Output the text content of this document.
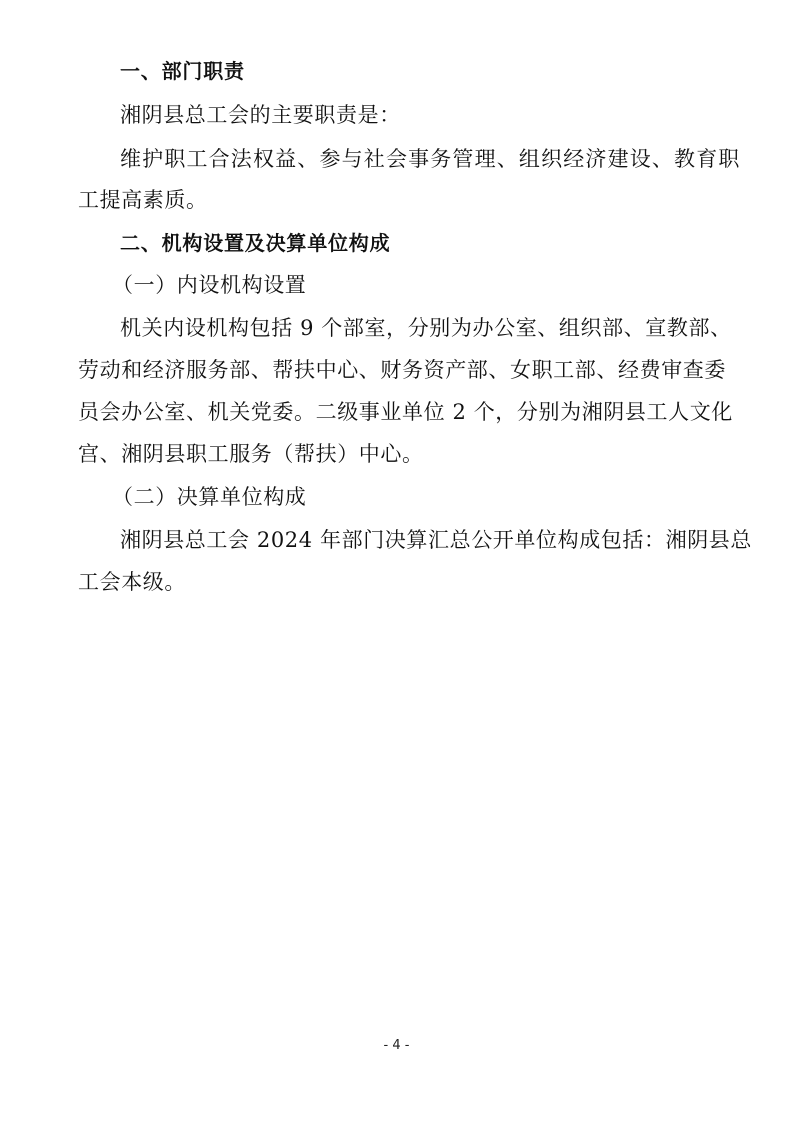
一、部门职责
湘阴县总工会的主要职责是：
维护职工合法权益、参与社会事务管理、组织经济建设、教育职
工提高素质。
二、机构设置及决算单位构成
（一）内设机构设置
机关内设机构包括 9 个部室，分别为办公室、组织部、宣教部、
劳动和经济服务部、帮扶中心、财务资产部、女职工部、经费审查委
员会办公室、机关党委。二级事业单位 2 个，分别为湘阴县工人文化
宫、湘阴县职工服务（帮扶）中心。
（二）决算单位构成
湘阴县总工会 2024 年部门决算汇总公开单位构成包括：湘阴县总
工会本级。
- 4 -
